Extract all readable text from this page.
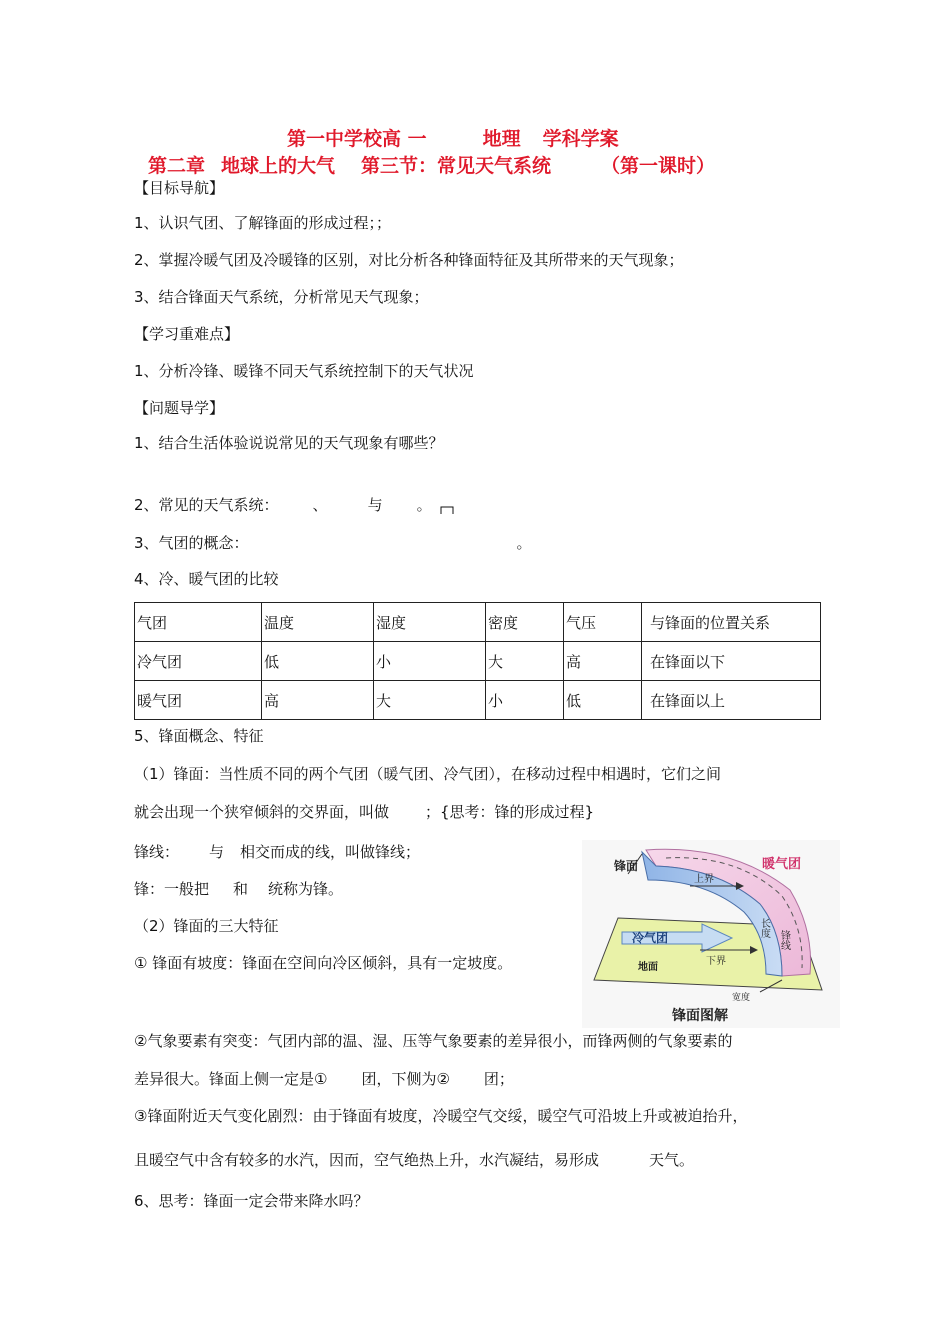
第一中学校高 一	地理 学科学案
第二章 地球上的大气 第三节：常见天气系统	（第一课时）
【目标导航】
1、认识气团、了解锋面的形成过程；；
2、掌握冷暖气团及冷暖锋的区别，对比分析各种锋面特征及其所带来的天气现象；
3、结合锋面天气系统，分析常见天气现象；
【学习重难点】
1、分析冷锋、暖锋不同天气系统控制下的天气状况
【问题导学】
1、结合生活体验说说常见的天气现象有哪些？
2、常见的天气系统： 、	与 。
3、气团的概念：	。
4、冷、暖气团的比较
气团	温度	湿度	密度	气压	与锋面的位置关系
冷气团	低	小	大	高	在锋面以下
暖气团	高	大	小	低	在锋面以上
5、锋面概念、特征
（1）锋面：当性质不同的两个气团（暖气团、冷气团），在移动过程中相遇时，它们之间
就会出现一个狭窄倾斜的交界面，叫做 ；{思考：锋的形成过程}
锋线： 与 相交而成的线，叫做锋线；
锋：一般把 和 统称为锋。
（2）锋面的三大特征
① 锋面有坡度：锋面在空间向冷区倾斜，具有一定坡度。
锋面	暖气团
上界
冷气团
下界
地面
长度
锋线
宽度
锋面图解
②气象要素有突变：气团内部的温、湿、压等气象要素的差异很小，而锋两侧的气象要素的
差异很大。锋面上侧一定是① 团，下侧为② 团；
③锋面附近天气变化剧烈：由于锋面有坡度，冷暖空气交绥，暖空气可沿坡上升或被迫抬升，
且暖空气中含有较多的水汽，因而，空气绝热上升，水汽凝结，易形成	天气。
6、思考：锋面一定会带来降水吗？
